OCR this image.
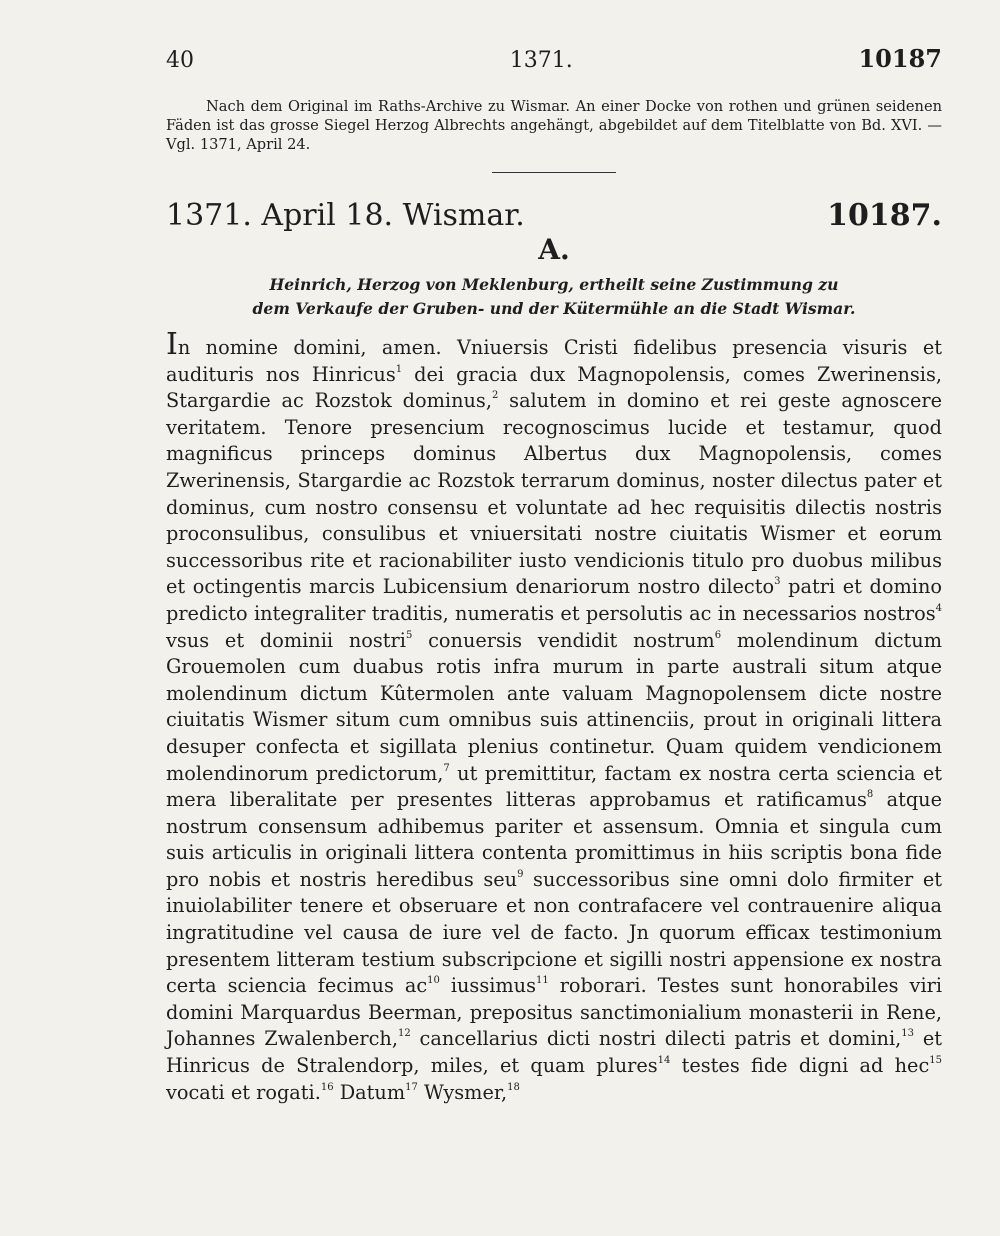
40	1371.	10187

Nach dem Original im Raths-Archive zu Wismar. An einer Docke von rothen und grünen seidenen Fäden ist das grosse Siegel Herzog Albrechts angehängt, abgebildet auf dem Titelblatte von Bd. XVI. — Vgl. 1371, April 24.

1371. April 18. Wismar.	10187.
A.
Heinrich, Herzog von Meklenburg, ertheilt seine Zustimmung zu
dem Verkaufe der Gruben- und der Kütermühle an die Stadt Wismar.

In nomine domini, amen. Vniuersis Cristi fidelibus presencia visuris et audituris nos Hinricus$^1$ dei gracia dux Magnopolensis, comes Zwerinensis, Stargardie ac Rozstok dominus,$^2$ salutem in domino et rei geste agnoscere veritatem. Tenore presencium recognoscimus lucide et testamur, quod magnificus princeps dominus Albertus dux Magnopolensis, comes Zwerinensis, Stargardie ac Rozstok terrarum dominus, noster dilectus pater et dominus, cum nostro consensu et voluntate ad hec requisitis dilectis nostris proconsulibus, consulibus et vniuersitati nostre ciuitatis Wismer et eorum successoribus rite et racionabiliter iusto vendicionis titulo pro duobus milibus et octingentis marcis Lubicensium denariorum nostro dilecto$^3$ patri et domino predicto integraliter traditis, numeratis et persolutis ac in necessarios nostros$^4$ vsus et dominii nostri$^5$ conuersis vendidit nostrum$^6$ molendinum dictum Grouemolen cum duabus rotis infra murum in parte australi situm atque molendinum dictum Kûtermolen ante valuam Magnopolensem dicte nostre ciuitatis Wismer situm cum omnibus suis attinenciis, prout in originali littera desuper confecta et sigillata plenius continetur. Quam quidem vendicionem molendinorum predictorum,$^7$ ut premittitur, factam ex nostra certa sciencia et mera liberalitate per presentes litteras approbamus et ratificamus$^8$ atque nostrum consensum adhibemus pariter et assensum. Omnia et singula cum suis articulis in originali littera contenta promittimus in hiis scriptis bona fide pro nobis et nostris heredibus seu$^9$ successoribus sine omni dolo firmiter et inuiolabiliter tenere et obseruare et non contrafacere vel contrauenire aliqua ingratitudine vel causa de iure vel de facto. Jn quorum efficax testimonium presentem litteram testium subscripcione et sigilli nostri appensione ex nostra certa sciencia fecimus $ac^{10}$ iussimus$^{11}$ roborari. Testes sunt honorabiles viri domini Marquardus Beerman, prepositus sanctimonialium monasterii in Rene, Johannes Zwalenberch,$^{12}$ cancellarius dicti nostri dilecti patris et domini,$^{13}$ et Hinricus de Stralendorp, miles, et quam plures$^{14}$ testes fide digni ad hec$^{15}$ vocati et rogati.$^{16}$ Datum$^{17}$ Wysmer,$^{18}$
